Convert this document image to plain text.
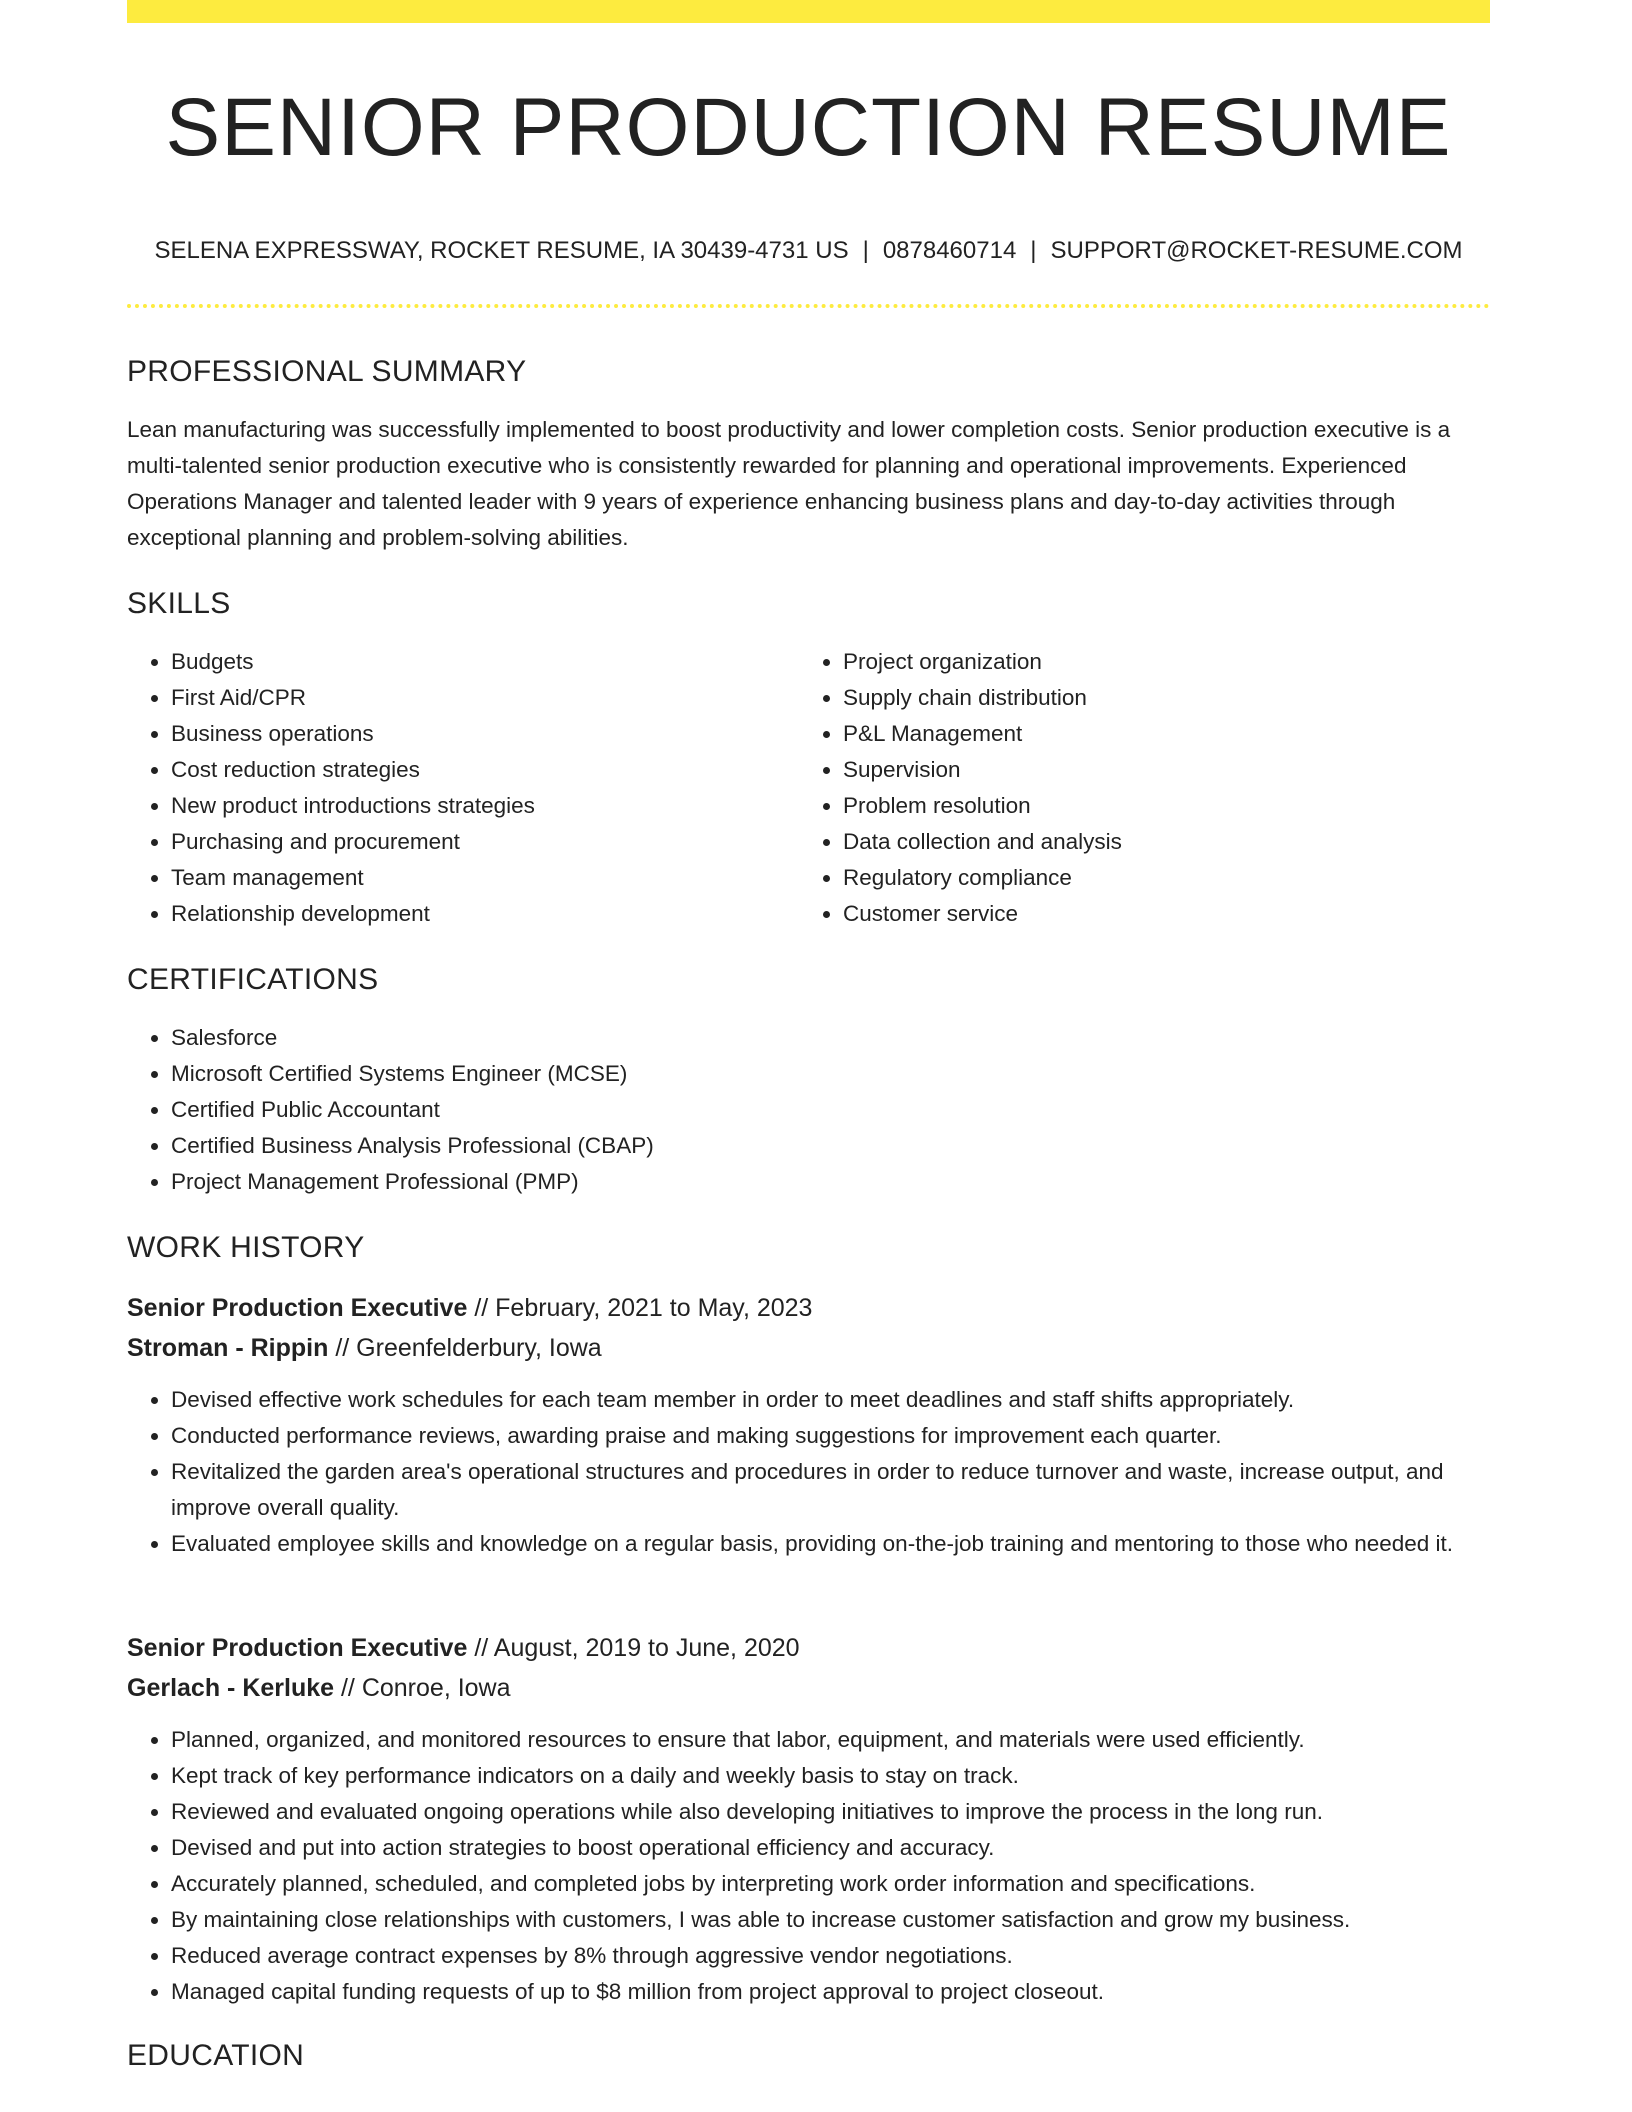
SENIOR PRODUCTION RESUME
SELENA EXPRESSWAY, ROCKET RESUME, IA 30439-4731 US | 0878460714 | SUPPORT@ROCKET-RESUME.COM
PROFESSIONAL SUMMARY

Lean manufacturing was successfully implemented to boost productivity and lower completion costs. Senior production executive is a multi-talented senior production executive who is consistently rewarded for planning and operational improvements. Experienced Operations Manager and talented leader with 9 years of experience enhancing business plans and day-to-day activities through exceptional planning and problem-solving abilities.

SKILLS
• Budgets
• First Aid/CPR
• Business operations
• Cost reduction strategies
• New product introductions strategies
• Purchasing and procurement
• Team management
• Relationship development
• Project organization
• Supply chain distribution
• P&L Management
• Supervision
• Problem resolution
• Data collection and analysis
• Regulatory compliance
• Customer service
CERTIFICATIONS
• Salesforce
• Microsoft Certified Systems Engineer (MCSE)
• Certified Public Accountant
• Certified Business Analysis Professional (CBAP)
• Project Management Professional (PMP)
WORK HISTORY
Senior Production Executive // February, 2021 to May, 2023
Stroman - Rippin // Greenfelderbury, Iowa
• Devised effective work schedules for each team member in order to meet deadlines and staff shifts appropriately.
• Conducted performance reviews, awarding praise and making suggestions for improvement each quarter.
• Revitalized the garden area's operational structures and procedures in order to reduce turnover and waste, increase output, and improve overall quality.
• Evaluated employee skills and knowledge on a regular basis, providing on-the-job training and mentoring to those who needed it.
Senior Production Executive // August, 2019 to June, 2020
Gerlach - Kerluke // Conroe, Iowa
• Planned, organized, and monitored resources to ensure that labor, equipment, and materials were used efficiently.
• Kept track of key performance indicators on a daily and weekly basis to stay on track.
• Reviewed and evaluated ongoing operations while also developing initiatives to improve the process in the long run.
• Devised and put into action strategies to boost operational efficiency and accuracy.
• Accurately planned, scheduled, and completed jobs by interpreting work order information and specifications.
• By maintaining close relationships with customers, I was able to increase customer satisfaction and grow my business.
• Reduced average contract expenses by 8% through aggressive vendor negotiations.
• Managed capital funding requests of up to $8 million from project approval to project closeout.
EDUCATION
